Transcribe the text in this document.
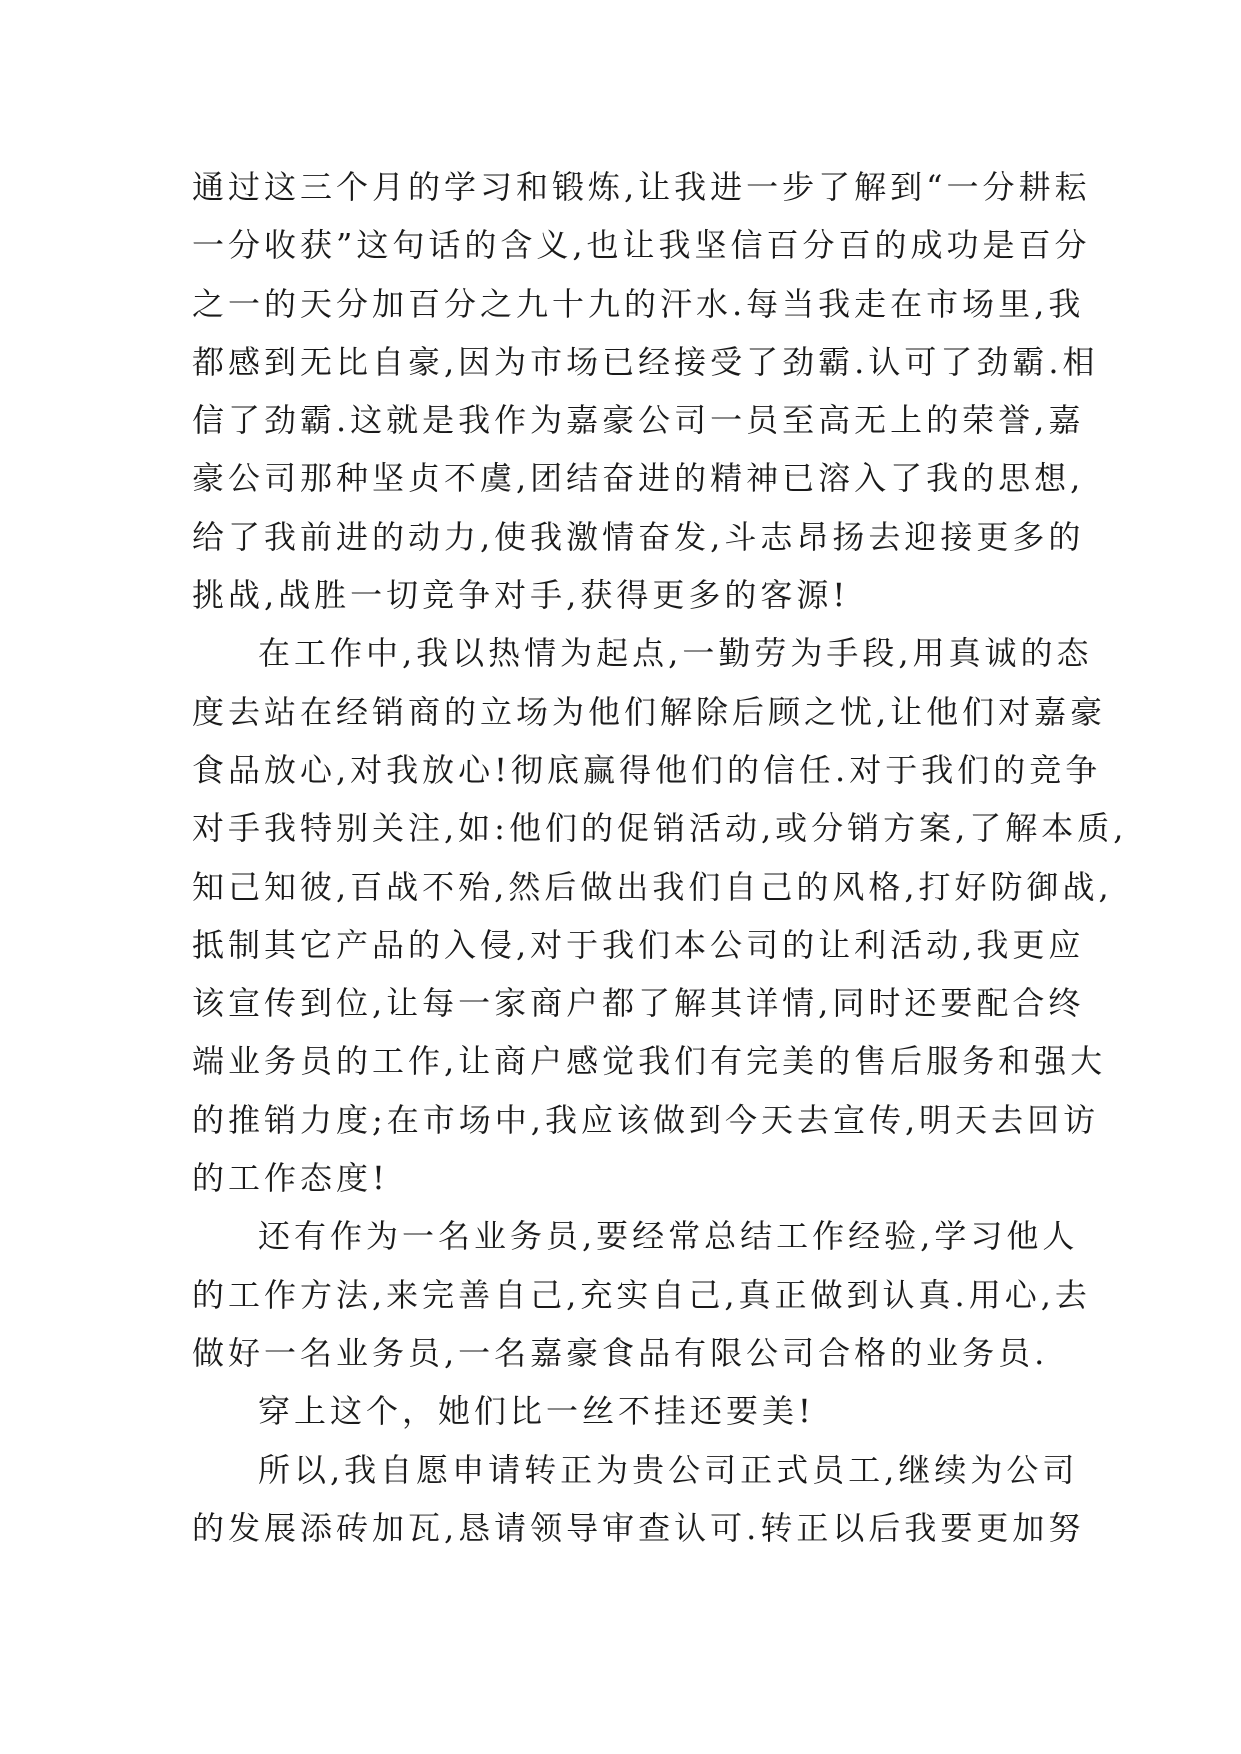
通过这三个月的学习和锻炼,让我进一步了解到“一分耕耘
一分收获”这句话的含义,也让我坚信百分百的成功是百分
之一的天分加百分之九十九的汗水.每当我走在市场里,我
都感到无比自豪,因为市场已经接受了劲霸.认可了劲霸.相
信了劲霸.这就是我作为嘉豪公司一员至高无上的荣誉,嘉
豪公司那种坚贞不虞,团结奋进的精神已溶入了我的思想,
给了我前进的动力,使我激情奋发,斗志昂扬去迎接更多的
挑战,战胜一切竞争对手,获得更多的客源!
在工作中,我以热情为起点,一勤劳为手段,用真诚的态
度去站在经销商的立场为他们解除后顾之忧,让他们对嘉豪
食品放心,对我放心!彻底赢得他们的信任.对于我们的竞争
对手我特别关注,如:他们的促销活动,或分销方案,了解本质,
知己知彼,百战不殆,然后做出我们自己的风格,打好防御战,
抵制其它产品的入侵,对于我们本公司的让利活动,我更应
该宣传到位,让每一家商户都了解其详情,同时还要配合终
端业务员的工作,让商户感觉我们有完美的售后服务和强大
的推销力度;在市场中,我应该做到今天去宣传,明天去回访
的工作态度!
还有作为一名业务员,要经常总结工作经验,学习他人
的工作方法,来完善自己,充实自己,真正做到认真.用心,去
做好一名业务员,一名嘉豪食品有限公司合格的业务员.
穿上这个，她们比一丝不挂还要美!
所以,我自愿申请转正为贵公司正式员工,继续为公司
的发展添砖加瓦,恳请领导审查认可.转正以后我要更加努
